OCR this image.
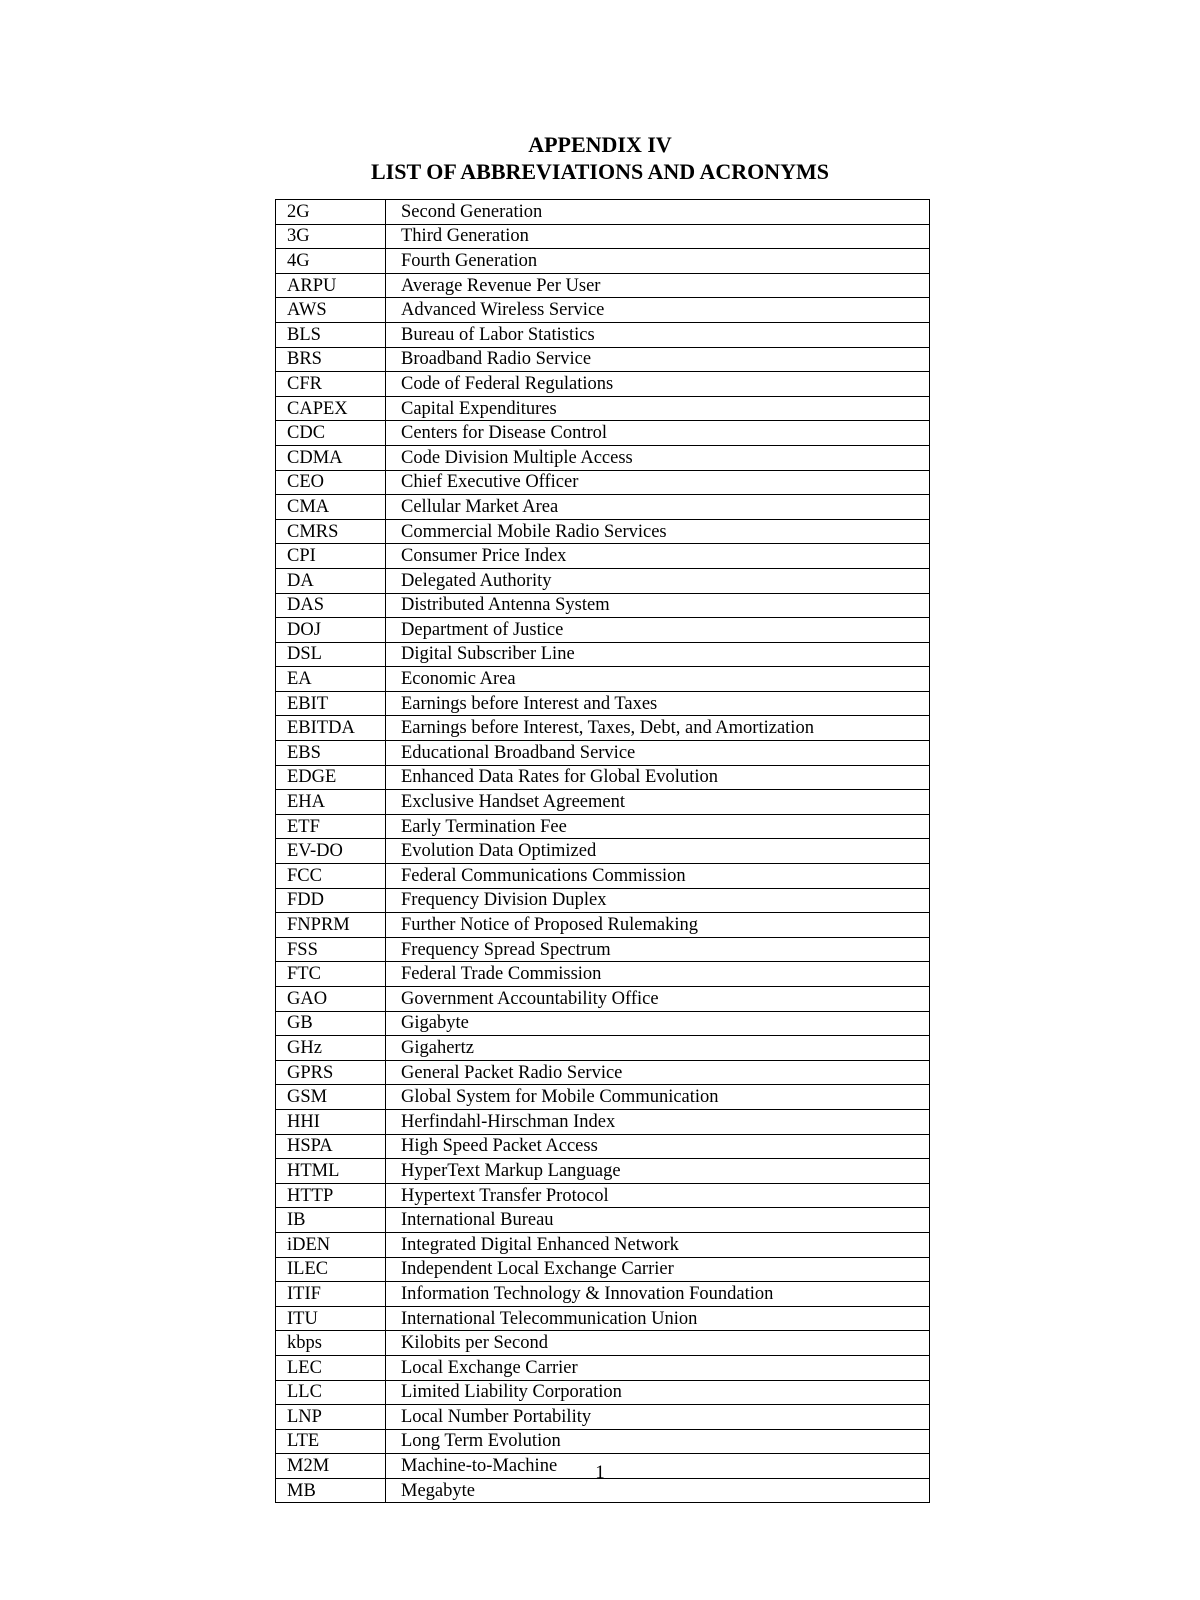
APPENDIX IV
LIST OF ABBREVIATIONS AND ACRONYMS
2G	Second Generation
3G	Third Generation
4G	Fourth Generation
ARPU	Average Revenue Per User
AWS	Advanced Wireless Service
BLS	Bureau of Labor Statistics
BRS	Broadband Radio Service
CFR	Code of Federal Regulations
CAPEX	Capital Expenditures
CDC	Centers for Disease Control
CDMA	Code Division Multiple Access
CEO	Chief Executive Officer
CMA	Cellular Market Area
CMRS	Commercial Mobile Radio Services
CPI	Consumer Price Index
DA	Delegated Authority
DAS	Distributed Antenna System
DOJ	Department of Justice
DSL	Digital Subscriber Line
EA	Economic Area
EBIT	Earnings before Interest and Taxes
EBITDA	Earnings before Interest, Taxes, Debt, and Amortization
EBS	Educational Broadband Service
EDGE	Enhanced Data Rates for Global Evolution
EHA	Exclusive Handset Agreement
ETF	Early Termination Fee
EV-DO	Evolution Data Optimized
FCC	Federal Communications Commission
FDD	Frequency Division Duplex
FNPRM	Further Notice of Proposed Rulemaking
FSS	Frequency Spread Spectrum
FTC	Federal Trade Commission
GAO	Government Accountability Office
GB	Gigabyte
GHz	Gigahertz
GPRS	General Packet Radio Service
GSM	Global System for Mobile Communication
HHI	Herfindahl-Hirschman Index
HSPA	High Speed Packet Access
HTML	HyperText Markup Language
HTTP	Hypertext Transfer Protocol
IB	International Bureau
iDEN	Integrated Digital Enhanced Network
ILEC	Independent Local Exchange Carrier
ITIF	Information Technology & Innovation Foundation
ITU	International Telecommunication Union
kbps	Kilobits per Second
LEC	Local Exchange Carrier
LLC	Limited Liability Corporation
LNP	Local Number Portability
LTE	Long Term Evolution
M2M	Machine-to-Machine
MB	Megabyte
1
